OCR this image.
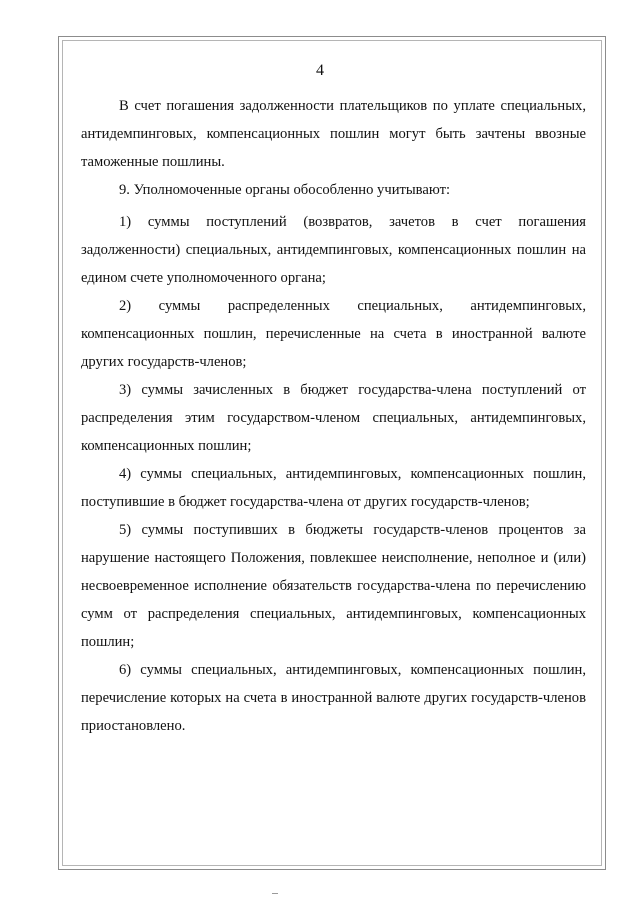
4

В счет погашения задолженности плательщиков по уплате специальных, антидемпинговых, компенсационных пошлин могут быть зачтены ввозные таможенные пошлины.

9. Уполномоченные органы обособленно учитывают:

1) суммы поступлений (возвратов, зачетов в счет погашения задолженности) специальных, антидемпинговых, компенсационных пошлин на едином счете уполномоченного органа;

2) суммы распределенных специальных, антидемпинговых, компенсационных пошлин, перечисленные на счета в иностранной валюте других государств-членов;

3) суммы зачисленных в бюджет государства-члена поступлений от распределения этим государством-членом специальных, антидемпинговых, компенсационных пошлин;

4) суммы специальных, антидемпинговых, компенсационных пошлин, поступившие в бюджет государства-члена от других государств-членов;

5) суммы поступивших в бюджеты государств-членов процентов за нарушение настоящего Положения, повлекшее неисполнение, неполное и (или) несвоевременное исполнение обязательств государства-члена по перечислению сумм от распределения специальных, антидемпинговых, компенсационных пошлин;

6) суммы специальных, антидемпинговых, компенсационных пошлин, перечисление которых на счета в иностранной валюте других государств-членов приостановлено.
